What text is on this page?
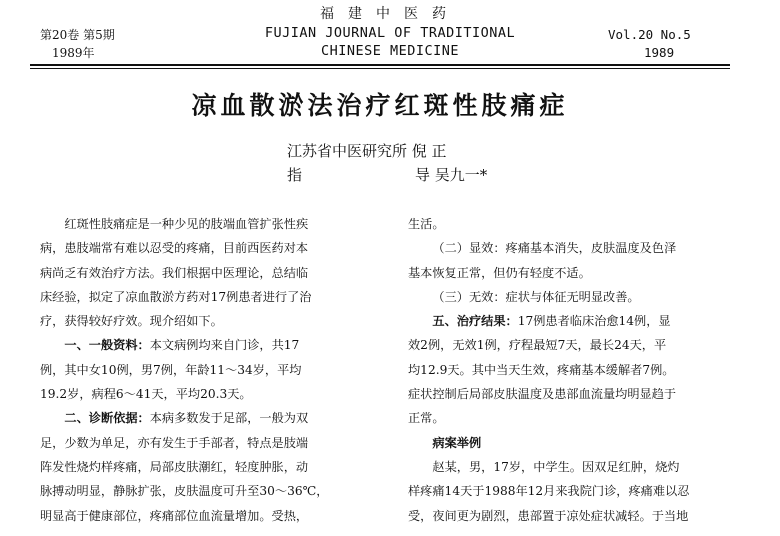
第20卷 第5期
1989年
福建中医药
FUJIAN JOURNAL OF TRADITIONAL
CHINESE MEDICINE
Vol.20 No.5
1989
凉血散淤法治疗红斑性肢痛症
江苏省中医研究所 倪 正
指	导 吴九一*

红斑性肢痛症是一种少见的肢端血管扩张性疾

病，患肢端常有难以忍受的疼痛，目前西医药对本

病尚乏有效治疗方法。我们根据中医理论，总结临

床经验，拟定了凉血散淤方药对17例患者进行了治

疗，获得较好疗效。现介绍如下。

一、一般资料：本文病例均来自门诊，共17

例，其中女10例，男7例，年龄11～34岁，平均

19.2岁，病程6～41天，平均20.3天。

二、诊断依据：本病多数发于足部，一般为双

足，少数为单足，亦有发生于手部者，特点是肢端

阵发性烧灼样疼痛，局部皮肤潮红，轻度肿胀，动

脉搏动明显，静脉扩张，皮肤温度可升至30～36℃，

明显高于健康部位，疼痛部位血流量增加。受热，

生活。

（二）显效：疼痛基本消失，皮肤温度及色泽

基本恢复正常，但仍有轻度不适。

（三）无效：症状与体征无明显改善。

五、治疗结果：17例患者临床治愈14例，显

效2例，无效1例，疗程最短7天，最长24天，平

均12.9天。其中当天生效，疼痛基本缓解者7例。

症状控制后局部皮肤温度及患部血流量均明显趋于

正常。

病案举例

赵某，男，17岁，中学生。因双足红肿，烧灼

样疼痛14天于1988年12月来我院门诊，疼痛难以忍

受，夜间更为剧烈，患部置于凉处症状减轻。于当地
